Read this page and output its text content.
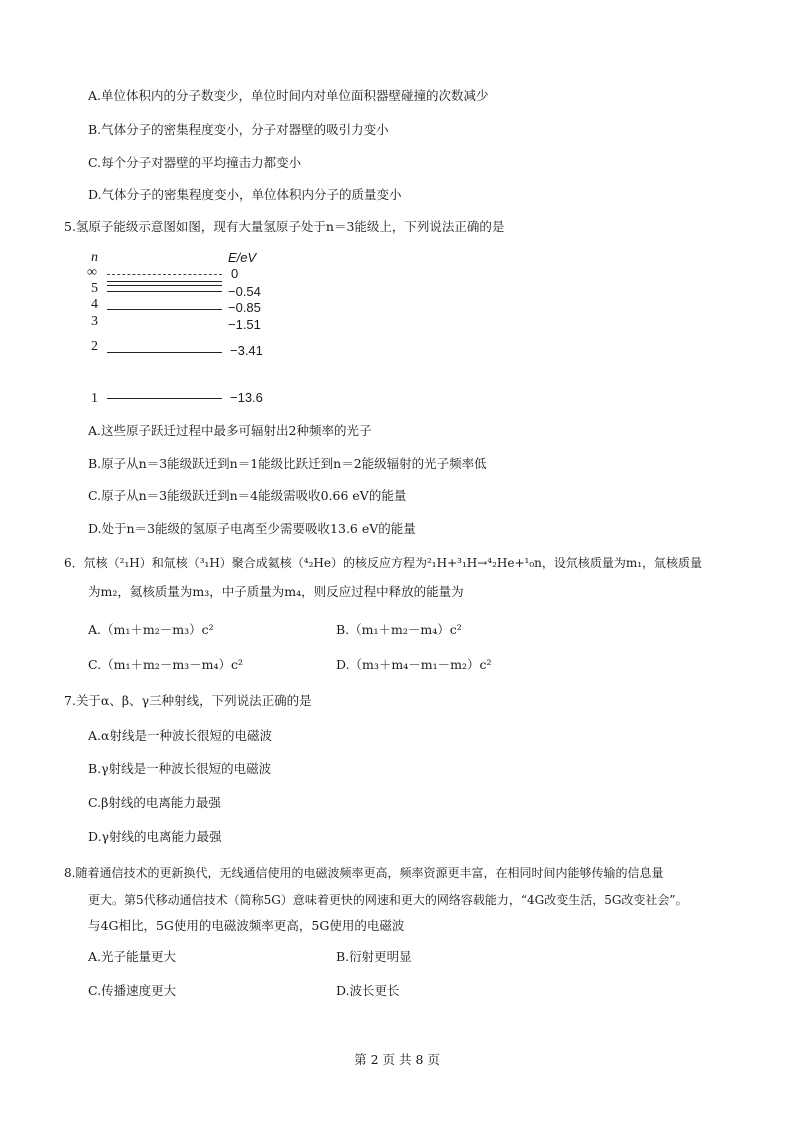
A.单位体积内的分子数变少，单位时间内对单位面积器壁碰撞的次数减少
B.气体分子的密集程度变小，分子对器壁的吸引力变小
C.每个分子对器壁的平均撞击力都变小
D.气体分子的密集程度变小，单位体积内分子的质量变小
5.氢原子能级示意图如图，现有大量氢原子处于n＝3能级上，下列说法正确的是
n	E/eV
∞	0
5	−0.54
4	−0.85
3	−1.51
2	−3.41
1	−13.6
A.这些原子跃迁过程中最多可辐射出2种频率的光子
B.原子从n＝3能级跃迁到n＝1能级比跃迁到n＝2能级辐射的光子频率低
C.原子从n＝3能级跃迁到n＝4能级需吸收0.66 eV的能量
D.处于n＝3能级的氢原子电离至少需要吸收13.6 eV的能量
6．氘核（²₁H）和氚核（³₁H）聚合成氦核（⁴₂He）的核反应方程为²₁H+³₁H→⁴₂He+¹₀n，设氘核质量为m₁，氚核质量
为m₂，氦核质量为m₃，中子质量为m₄，则反应过程中释放的能量为
A.（m₁＋m₂－m₃）c²	B.（m₁＋m₂－m₄）c²
C.（m₁＋m₂－m₃－m₄）c²	D.（m₃＋m₄－m₁－m₂）c²
7.关于α、β、γ三种射线，下列说法正确的是
A.α射线是一种波长很短的电磁波
B.γ射线是一种波长很短的电磁波
C.β射线的电离能力最强
D.γ射线的电离能力最强
8.随着通信技术的更新换代，无线通信使用的电磁波频率更高，频率资源更丰富，在相同时间内能够传输的信息量
更大。第5代移动通信技术（简称5G）意味着更快的网速和更大的网络容载能力，“4G改变生活，5G改变社会”。
与4G相比，5G使用的电磁波频率更高，5G使用的电磁波
A.光子能量更大	B.衍射更明显
C.传播速度更大	D.波长更长
第 2 页 共 8 页
